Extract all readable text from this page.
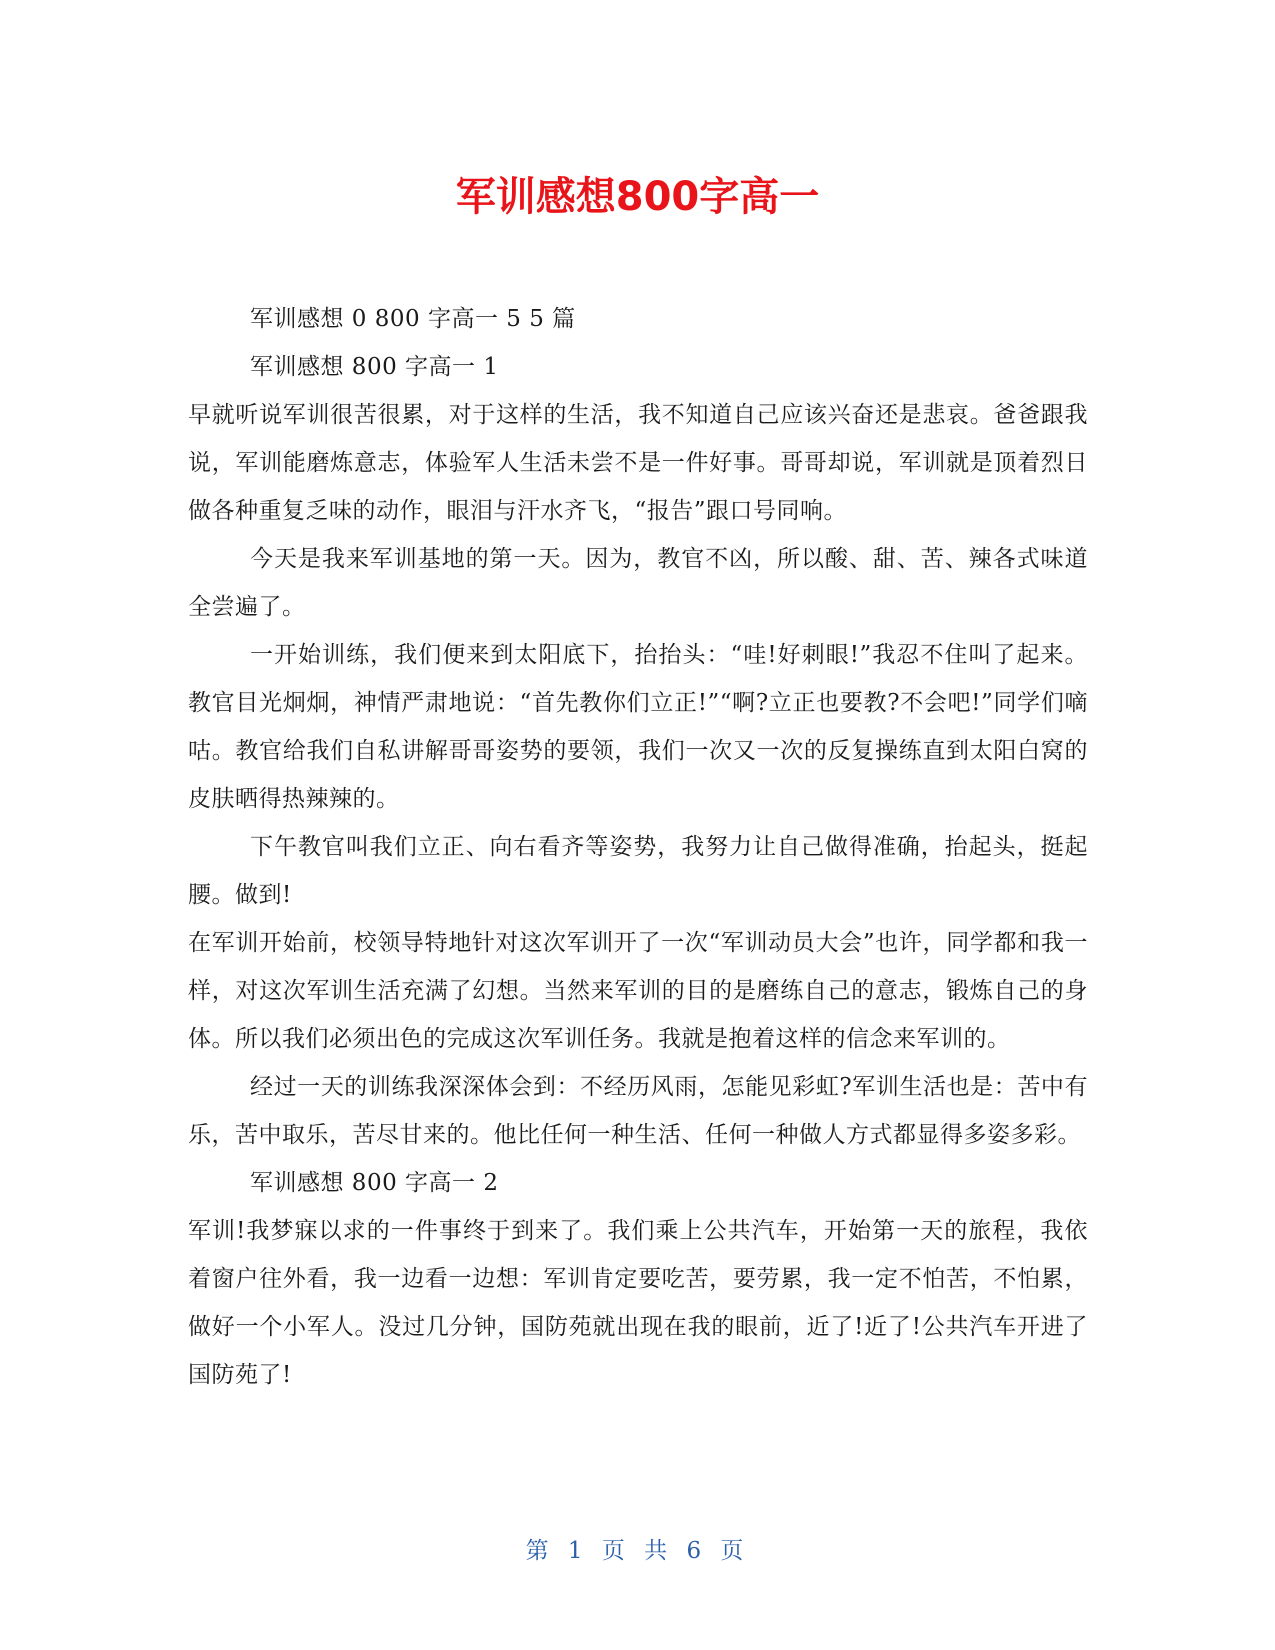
军训感想800字高一

军训感想 0 800 字高一 5 5 篇

军训感想 800 字高一 1

早就听说军训很苦很累，对于这样的生活，我不知道自己应该兴奋还是悲哀。爸爸跟我说，军训能磨炼意志，体验军人生活未尝不是一件好事。哥哥却说，军训就是顶着烈日做各种重复乏味的动作，眼泪与汗水齐飞，“报告”跟口号同响。

今天是我来军训基地的第一天。因为，教官不凶，所以酸、甜、苦、辣各式味道全尝遍了。

一开始训练，我们便来到太阳底下，抬抬头：“哇!好刺眼!”我忍不住叫了起来。教官目光炯炯，神情严肃地说：“首先教你们立正!”“啊?立正也要教?不会吧!”同学们嘀咕。教官给我们自私讲解哥哥姿势的要领，我们一次又一次的反复操练直到太阳白窝的皮肤晒得热辣辣的。

下午教官叫我们立正、向右看齐等姿势，我努力让自己做得准确，抬起头，挺起腰。做到!

在军训开始前，校领导特地针对这次军训开了一次“军训动员大会”也许，同学都和我一样，对这次军训生活充满了幻想。当然来军训的目的是磨练自己的意志，锻炼自己的身体。所以我们必须出色的完成这次军训任务。我就是抱着这样的信念来军训的。

经过一天的训练我深深体会到：不经历风雨，怎能见彩虹?军训生活也是：苦中有乐，苦中取乐，苦尽甘来的。他比任何一种生活、任何一种做人方式都显得多姿多彩。

军训感想 800 字高一 2

军训!我梦寐以求的一件事终于到来了。我们乘上公共汽车，开始第一天的旅程，我依着窗户往外看，我一边看一边想：军训肯定要吃苦，要劳累，我一定不怕苦，不怕累，做好一个小军人。没过几分钟，国防苑就出现在我的眼前，近了!近了!公共汽车开进了国防苑了!

第 1 页 共 6 页
